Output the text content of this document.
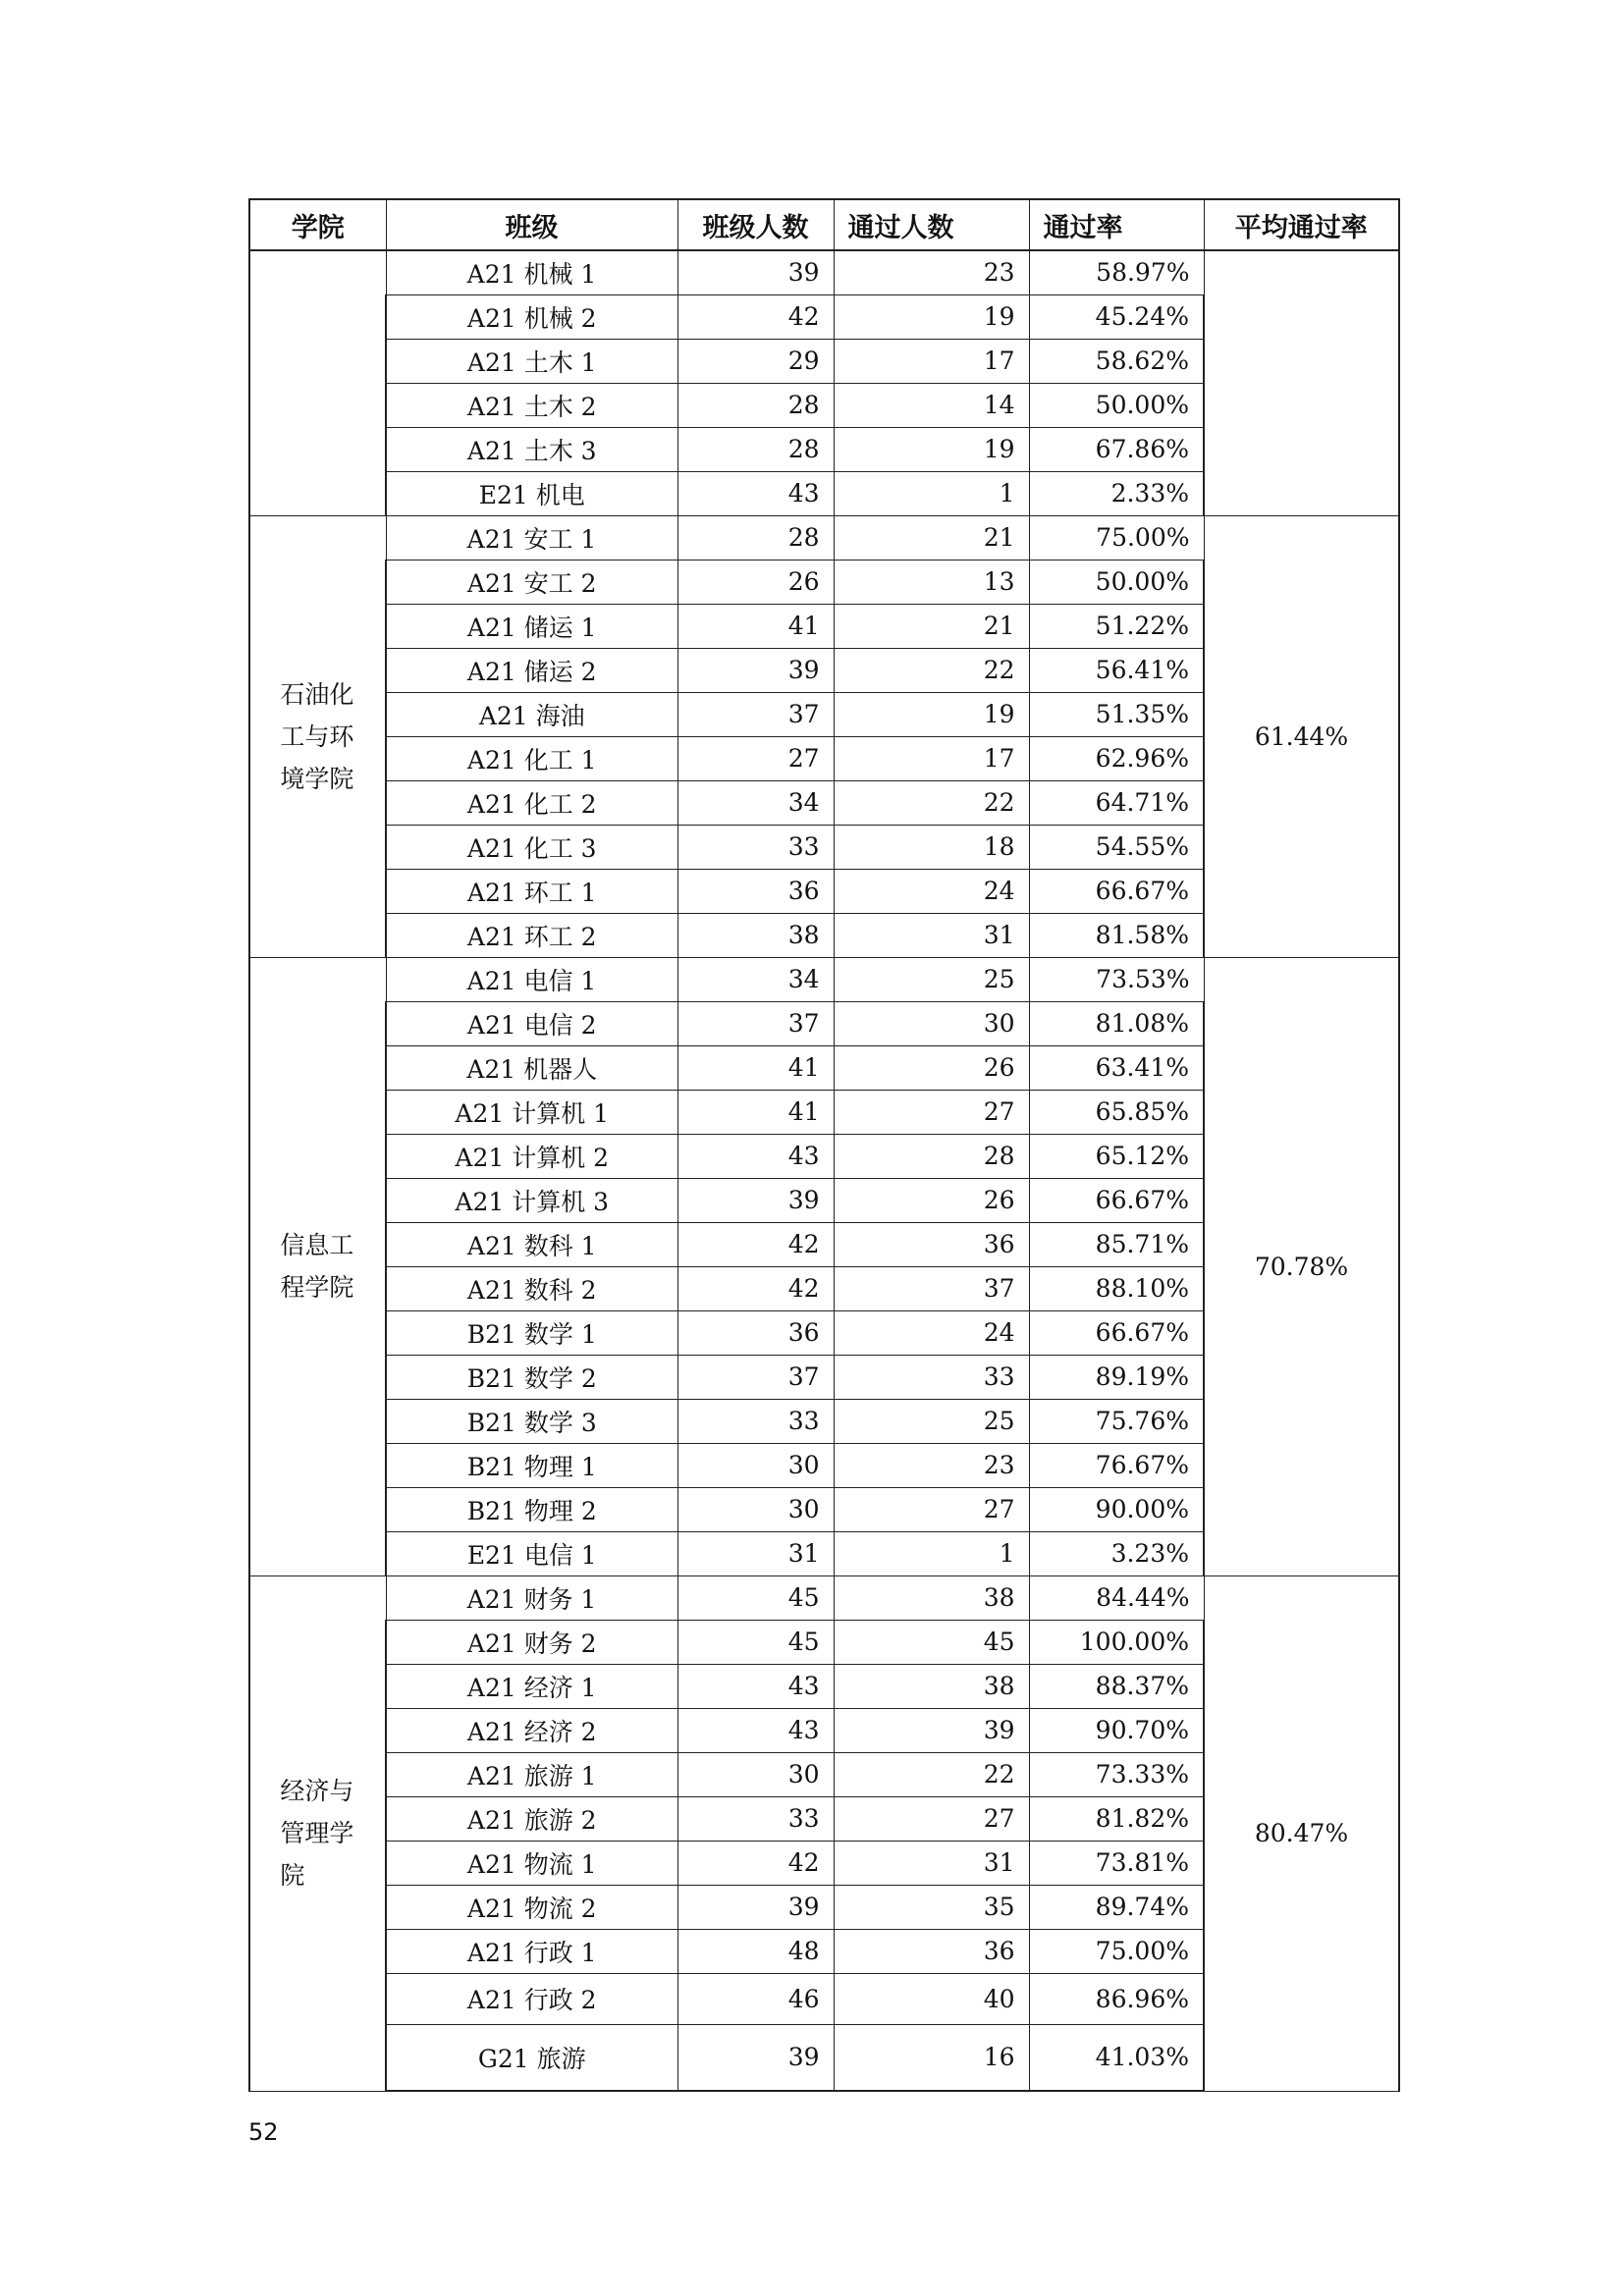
学院	班级	班级人数	通过人数	通过率	平均通过率
	A21 机械 1	39	23	58.97%	
	A21 机械 2	42	19	45.24%	
	A21 土木 1	29	17	58.62%	
	A21 土木 2	28	14	50.00%	
	A21 土木 3	28	19	67.86%	
	E21 机电	43	1	2.33%	
石油化工与环境学院	A21 安工 1	28	21	75.00%	61.44%
	A21 安工 2	26	13	50.00%	
	A21 储运 1	41	21	51.22%	
	A21 储运 2	39	22	56.41%	
	A21 海油	37	19	51.35%	
	A21 化工 1	27	17	62.96%	
	A21 化工 2	34	22	64.71%	
	A21 化工 3	33	18	54.55%	
	A21 环工 1	36	24	66.67%	
	A21 环工 2	38	31	81.58%	
信息工程学院	A21 电信 1	34	25	73.53%	70.78%
	A21 电信 2	37	30	81.08%	
	A21 机器人	41	26	63.41%	
	A21 计算机 1	41	27	65.85%	
	A21 计算机 2	43	28	65.12%	
	A21 计算机 3	39	26	66.67%	
	A21 数科 1	42	36	85.71%	
	A21 数科 2	42	37	88.10%	
	B21 数学 1	36	24	66.67%	
	B21 数学 2	37	33	89.19%	
	B21 数学 3	33	25	75.76%	
	B21 物理 1	30	23	76.67%	
	B21 物理 2	30	27	90.00%	
	E21 电信 1	31	1	3.23%	
经济与管理学院	A21 财务 1	45	38	84.44%	80.47%
	A21 财务 2	45	45	100.00%	
	A21 经济 1	43	38	88.37%	
	A21 经济 2	43	39	90.70%	
	A21 旅游 1	30	22	73.33%	
	A21 旅游 2	33	27	81.82%	
	A21 物流 1	42	31	73.81%	
	A21 物流 2	39	35	89.74%	
	A21 行政 1	48	36	75.00%	
	A21 行政 2	46	40	86.96%	
	G21 旅游	39	16	41.03%	
52
